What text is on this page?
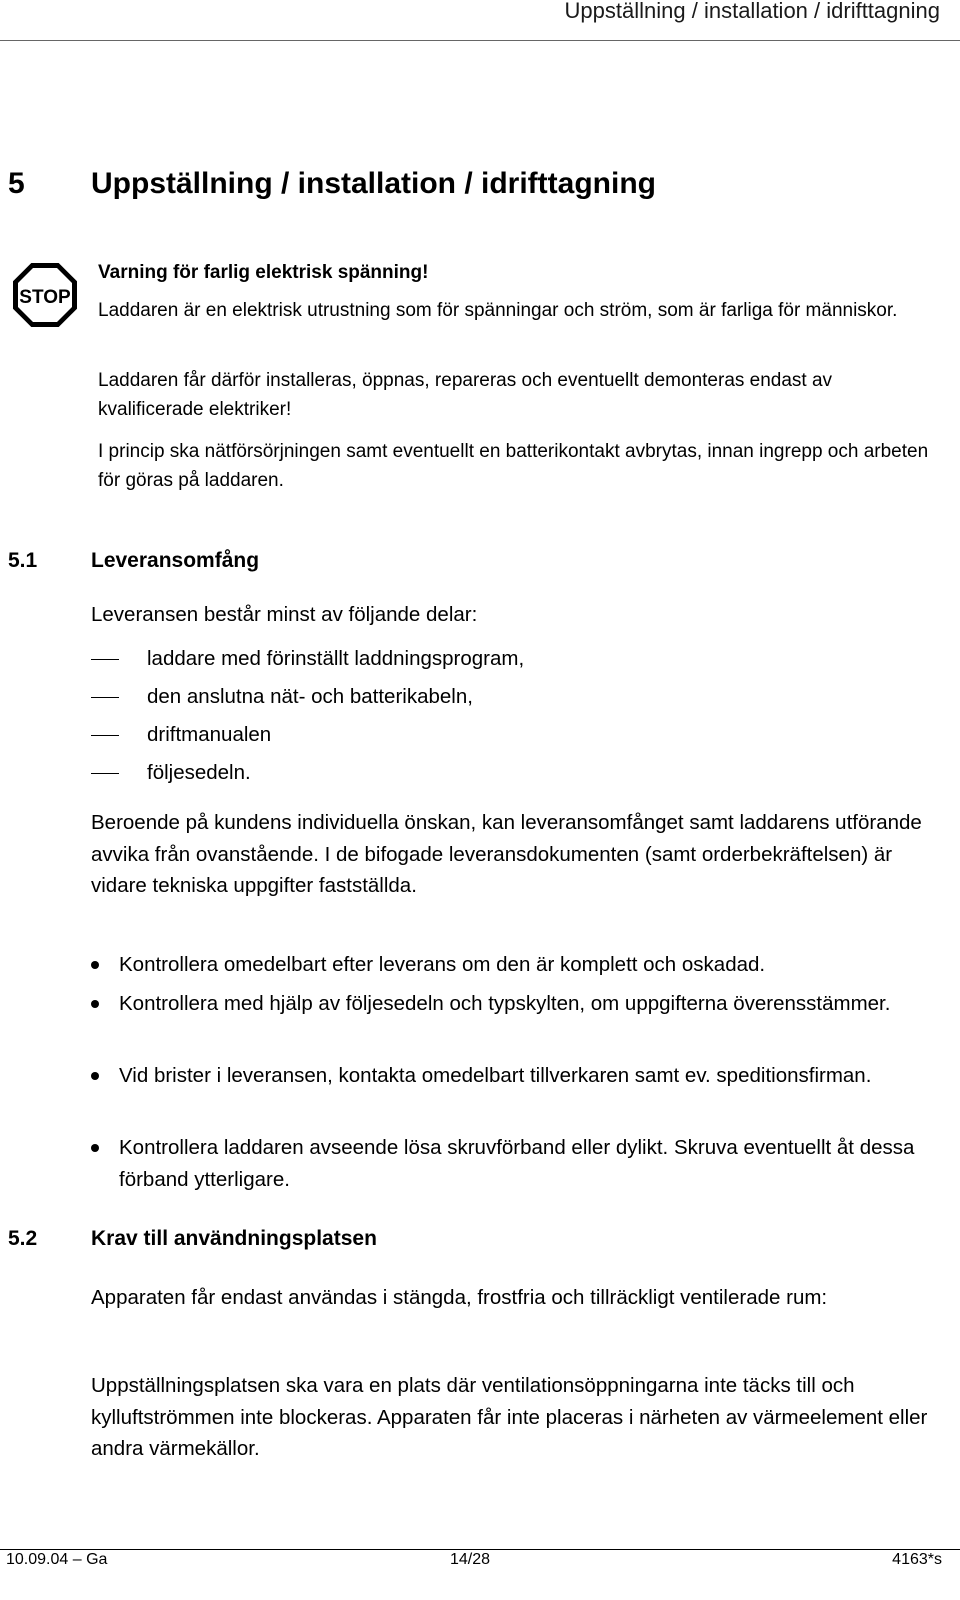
Uppställning / installation / idrifttagning
5 Uppställning / installation / idrifttagning
STOP
Varning för farlig elektrisk spänning!
Laddaren är en elektrisk utrustning som för spänningar och ström, som är farliga för människor.
Laddaren får därför installeras, öppnas, repareras och eventuellt demonteras endast av kvalificerade elektriker!
I princip ska nätförsörjningen samt eventuellt en batterikontakt avbrytas, innan ingrepp och arbeten för göras på laddaren.
5.1	Leveransomfång
Leveransen består minst av följande delar:
laddare med förinställt laddningsprogram,
den anslutna nät- och batterikabeln,
driftmanualen
följesedeln.
Beroende på kundens individuella önskan, kan leveransomfånget samt laddarens utförande avvika från ovanstående. I de bifogade leveransdokumenten (samt orderbekräftelsen) är vidare tekniska uppgifter fastställda.
Kontrollera omedelbart efter leverans om den är komplett och oskadad.
Kontrollera med hjälp av följesedeln och typskylten, om uppgifterna överensstämmer.
Vid brister i leveransen, kontakta omedelbart tillverkaren samt ev. speditionsfirman.
Kontrollera laddaren avseende lösa skruvförband eller dylikt. Skruva eventuellt åt dessa förband ytterligare.
5.2	Krav till användningsplatsen
Apparaten får endast användas i stängda, frostfria och tillräckligt ventilerade rum:
Uppställningsplatsen ska vara en plats där ventilationsöppningarna inte täcks till och kylluftströmmen inte blockeras. Apparaten får inte placeras i närheten av värmeelement eller andra värmekällor.
10.09.04 – Ga	14/28	4163*s
